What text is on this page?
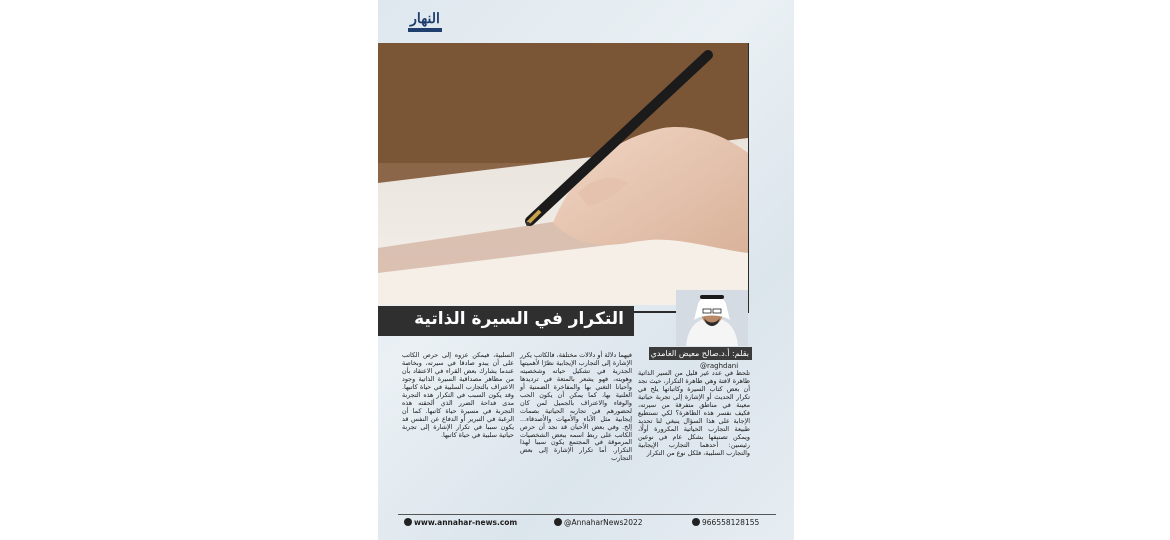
النهار
التكرار في السيرة الذاتية
بقلم: أ.د.صالح معيض الغامدي
@raghdani
تلحظ في عدد غير قليل من السير الذاتية ظاهرة لافتة وهي ظاهرة التكرار، حيث نجد أن بعض كتاب السيرة وكاتباتها يلح في تكرار الحديث أو الإشارة إلى تجربة حياتية معينة في مناطق متفرقة من سيرته، فكيف نفسر هذه الظاهرة؟ لكي نستطيع الإجابة على هذا السؤال ينبغي لنا تحديد طبيعة التجارب الحياتية المكرورة أولًا، ويمكن تصنيفها بشكل عام في نوعين رئيسين: أحدهما التجارب الإيجابية والتجارب السلبية، فلكل نوع من التكرار
فيهما دلالة أو دلالات مختلفة، فالكاتب يكرر الإشارة إلى التجارب الإيجابية نظرًا لأهميتها الجذرية في تشكيل حياته وشخصيته وهويته، فهو يشعر بالمتعة في ترديدها وأحيانا التغني بها والمفاخرة الضمنية أو العلنية بها، كما يمكن أن يكون الحب والوفاء والاعتراف بالجميل لمن كان لحضورهم في تجاربه الحياتية بصمات إيجابية مثل الآباء والأمهات والأصدقاء... إلخ. وفي بعض الأحيان قد نجد أن حرص الكاتب على ربط اسمه ببعض الشخصيات المرموقة في المجتمع يكون سببا لهذا التكرار. أما تكرار الإشارة إلى بعض التجارب
السلبية، فيمكن عزوه إلى حرص الكاتب على أن يبدو صادقا في سيرته، وبخاصة عندما يشارك بعض القراء في الاعتقاد بأن من مظاهر مصداقية السيرة الذاتية وجود الاعتراف بالتجارب السلبية في حياة كاتبها. وقد يكون السبب في التكرار هذه التجربة مدى فداحة الضرر الذي ألحقته هذه التجربة في مسيرة حياة كاتبها. كما أن الرغبة في التبرير أو الدفاع عن النفس قد يكون سببا في تكرار الإشارة إلى تجربة حياتية سلبية في حياة كاتبها.
www.annahar-news.com	@AnnaharNews2022	966558128155
